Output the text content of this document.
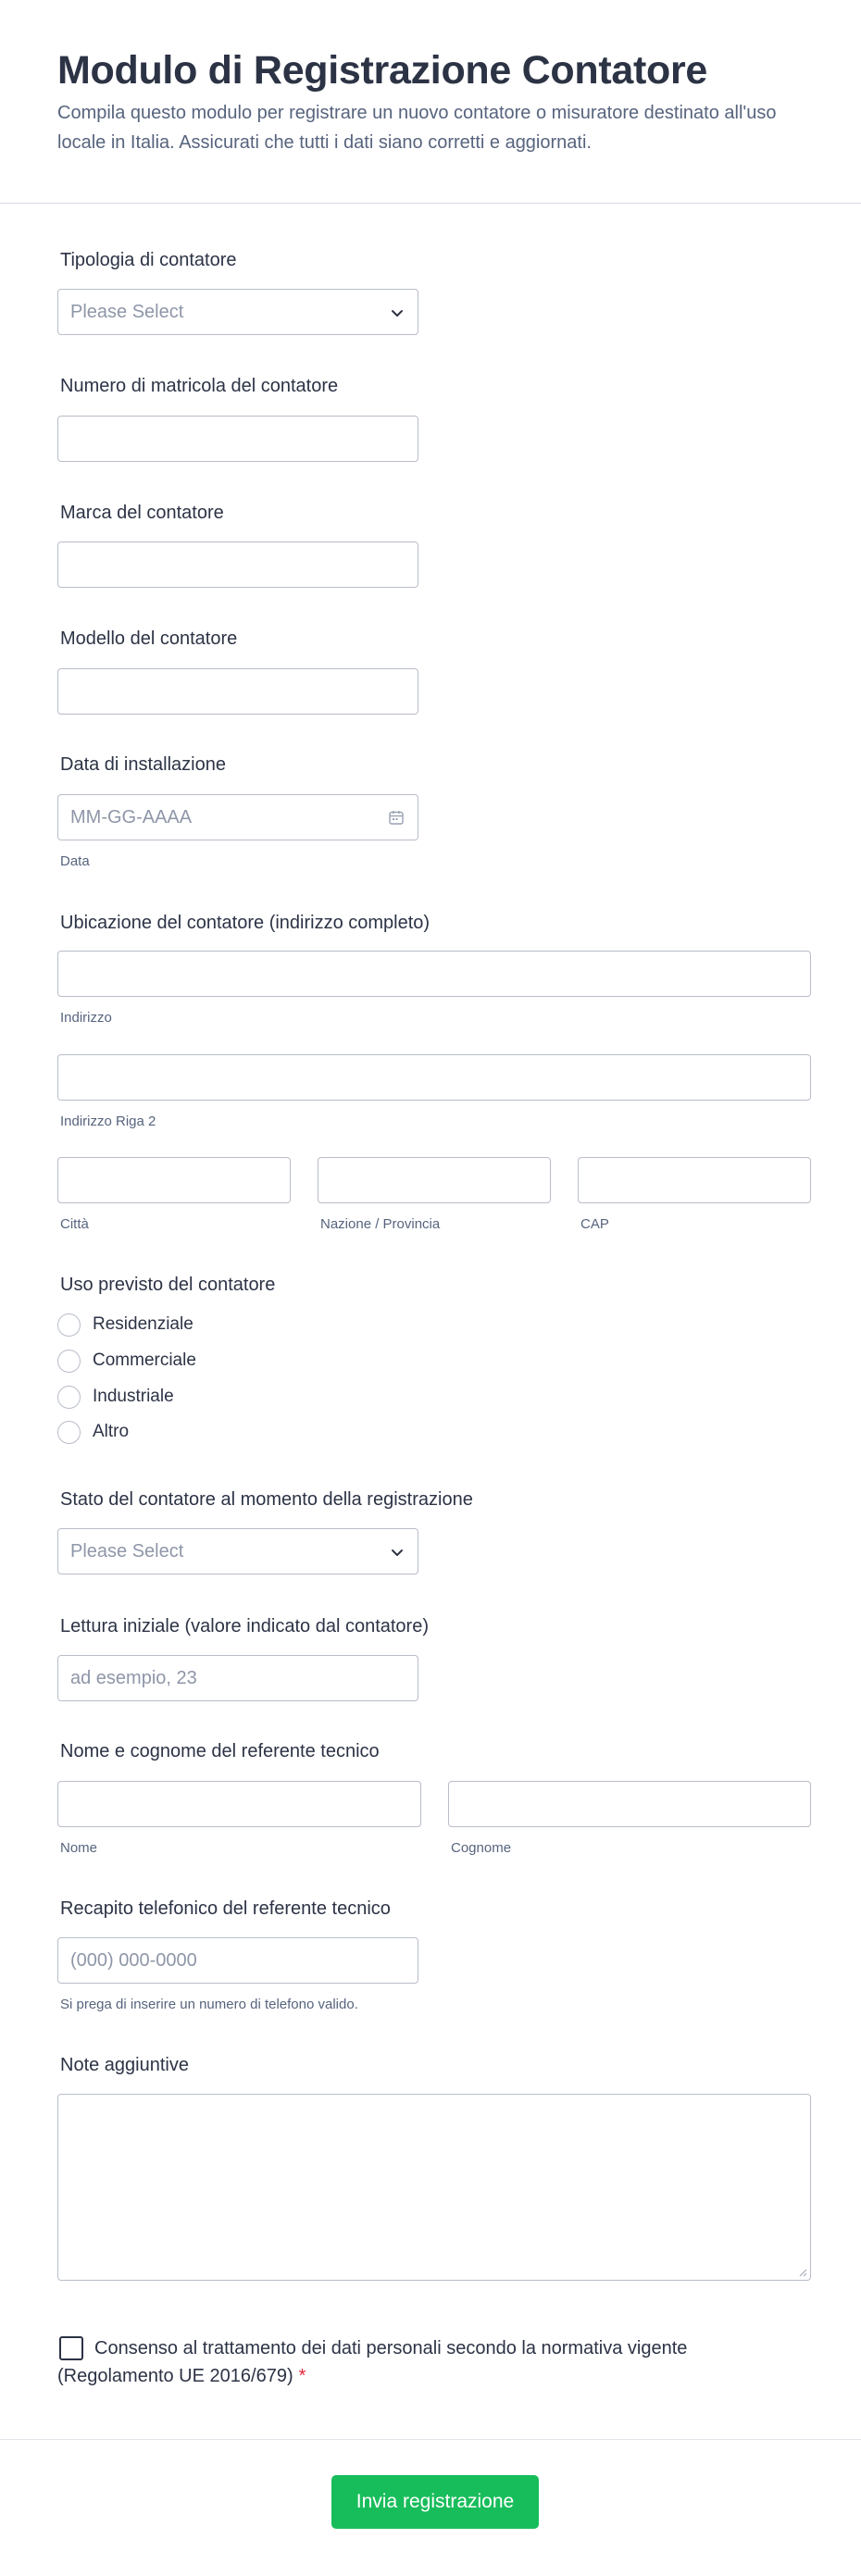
Modulo di Registrazione Contatore

Compila questo modulo per registrare un nuovo contatore o misuratore destinato all'uso locale in Italia. Assicurati che tutti i dati siano corretti e aggiornati.

Tipologia di contatore
Please Select
Numero di matricola del contatore
Marca del contatore
Modello del contatore
Data di installazione
MM-GG-AAAA
Data
Ubicazione del contatore (indirizzo completo)
Indirizzo
Indirizzo Riga 2
Città	Nazione / Provincia	CAP
Uso previsto del contatore
Residenziale
Commerciale
Industriale
Altro
Stato del contatore al momento della registrazione
Please Select
Lettura iniziale (valore indicato dal contatore)
ad esempio, 23
Nome e cognome del referente tecnico
Nome	Cognome
Recapito telefonico del referente tecnico
(000) 000-0000
Si prega di inserire un numero di telefono valido.
Note aggiuntive
Consenso al trattamento dei dati personali secondo la normativa vigente (Regolamento UE 2016/679) *
Invia registrazione
